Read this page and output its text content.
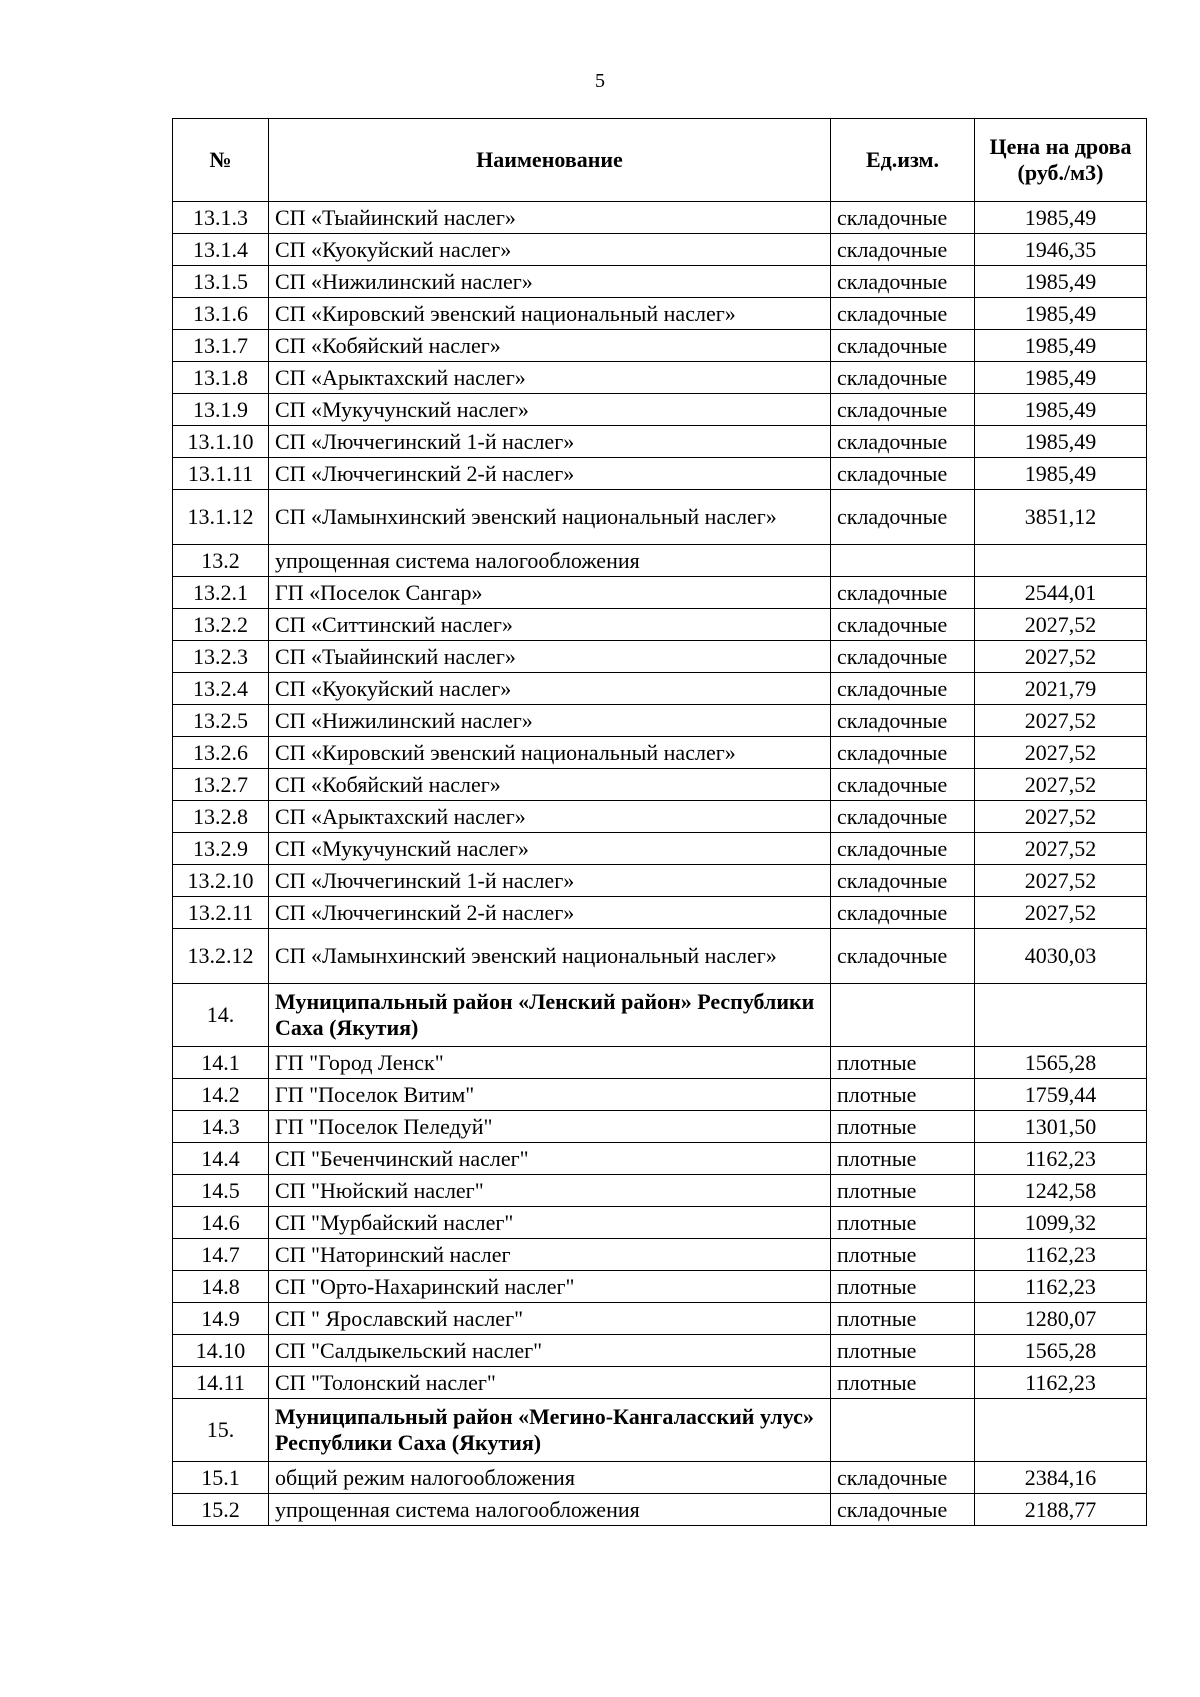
5
№	Наименование	Ед.изм.	Цена на дрова (руб./м3)
13.1.3	СП «Тыайинский наслег»	складочные	1985,49
13.1.4	СП «Куокуйский наслег»	складочные	1946,35
13.1.5	СП «Нижилинский наслег»	складочные	1985,49
13.1.6	СП «Кировский эвенский национальный наслег»	складочные	1985,49
13.1.7	СП «Кобяйский наслег»	складочные	1985,49
13.1.8	СП «Арыктахский наслег»	складочные	1985,49
13.1.9	СП «Мукучунский наслег»	складочные	1985,49
13.1.10	СП «Люччегинский 1-й наслег»	складочные	1985,49
13.1.11	СП «Люччегинский 2-й наслег»	складочные	1985,49
13.1.12	СП «Ламынхинский эвенский национальный наслег»	складочные	3851,12
13.2	упрощенная система налогообложения		
13.2.1	ГП «Поселок Сангар»	складочные	2544,01
13.2.2	СП «Ситтинский наслег»	складочные	2027,52
13.2.3	СП «Тыайинский наслег»	складочные	2027,52
13.2.4	СП «Куокуйский наслег»	складочные	2021,79
13.2.5	СП «Нижилинский наслег»	складочные	2027,52
13.2.6	СП «Кировский эвенский национальный наслег»	складочные	2027,52
13.2.7	СП «Кобяйский наслег»	складочные	2027,52
13.2.8	СП «Арыктахский наслег»	складочные	2027,52
13.2.9	СП «Мукучунский наслег»	складочные	2027,52
13.2.10	СП «Люччегинский 1-й наслег»	складочные	2027,52
13.2.11	СП «Люччегинский 2-й наслег»	складочные	2027,52
13.2.12	СП «Ламынхинский эвенский национальный наслег»	складочные	4030,03
14.	Муниципальный район «Ленский район» Республики Саха (Якутия)		
14.1	ГП "Город Ленск"	плотные	1565,28
14.2	ГП "Поселок Витим"	плотные	1759,44
14.3	ГП "Поселок Пеледуй"	плотные	1301,50
14.4	СП "Беченчинский наслег"	плотные	1162,23
14.5	СП "Нюйский наслег"	плотные	1242,58
14.6	СП "Мурбайский наслег"	плотные	1099,32
14.7	СП "Наторинский наслег	плотные	1162,23
14.8	СП "Орто-Нахаринский наслег"	плотные	1162,23
14.9	СП " Ярославский наслег"	плотные	1280,07
14.10	СП "Салдыкельский наслег"	плотные	1565,28
14.11	СП "Толонский наслег"	плотные	1162,23
15.	Муниципальный район «Мегино-Кангаласский улус» Республики Саха (Якутия)		
15.1	общий режим налогообложения	складочные	2384,16
15.2	упрощенная система налогообложения	складочные	2188,77
